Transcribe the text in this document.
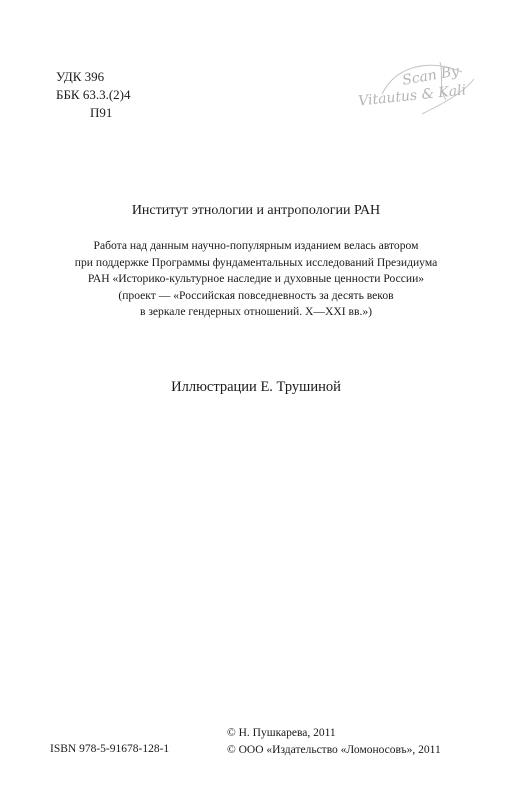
УДК 396
ББК 63.3.(2)4
П91
Scan By
Vitautus & Kali
Институт этнологии и антропологии РАН
Работа над данным научно-популярным изданием велась автором
при поддержке Программы фундаментальных исследований Президиума
РАН «Историко-культурное наследие и духовные ценности России»
(проект — «Российская повседневность за десять веков
в зеркале гендерных отношений. X—XXI вв.»)
Иллюстрации Е. Трушиной
ISBN 978-5-91678-128-1
© Н. Пушкарева, 2011
© ООО «Издательство «Ломоносовъ», 2011
